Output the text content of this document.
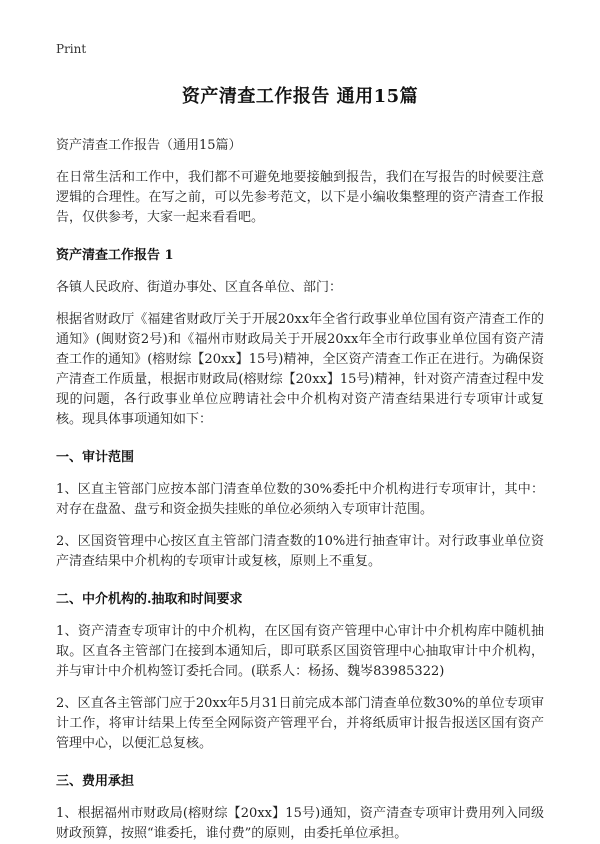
Print
资产清查工作报告 通用15篇
资产清查工作报告（通用15篇）

在日常生活和工作中，我们都不可避免地要接触到报告，我们在写报告的时候要注意逻辑的合理性。在写之前，可以先参考范文，以下是小编收集整理的资产清查工作报告，仅供参考，大家一起来看看吧。

资产清查工作报告 1

各镇人民政府、街道办事处、区直各单位、部门：

根据省财政厅《福建省财政厅关于开展20xx年全省行政事业单位国有资产清查工作的通知》(闽财资2号)和《福州市财政局关于开展20xx年全市行政事业单位国有资产清查工作的通知》(榕财综【20xx】15号)精神，全区资产清查工作正在进行。为确保资产清查工作质量，根据市财政局(榕财综【20xx】15号)精神，针对资产清查过程中发现的问题，各行政事业单位应聘请社会中介机构对资产清查结果进行专项审计或复核。现具体事项通知如下：

一、审计范围

1、区直主管部门应按本部门清查单位数的30%委托中介机构进行专项审计，其中：对存在盘盈、盘亏和资金损失挂账的单位必须纳入专项审计范围。

2、区国资管理中心按区直主管部门清查数的10%进行抽查审计。对行政事业单位资产清查结果中介机构的专项审计或复核，原则上不重复。

二、中介机构的.抽取和时间要求

1、资产清查专项审计的中介机构，在区国有资产管理中心审计中介机构库中随机抽取。区直各主管部门在接到本通知后，即可联系区国资管理中心抽取审计中介机构，并与审计中介机构签订委托合同。(联系人：杨扬、魏岑83985322)

2、区直各主管部门应于20xx年5月31日前完成本部门清查单位数30%的单位专项审计工作，将审计结果上传至全网际资产管理平台，并将纸质审计报告报送区国有资产管理中心，以便汇总复核。

三、费用承担

1、根据福州市财政局(榕财综【20xx】15号)通知，资产清查专项审计费用列入同级财政预算，按照“谁委托，谁付费”的原则，由委托单位承担。
